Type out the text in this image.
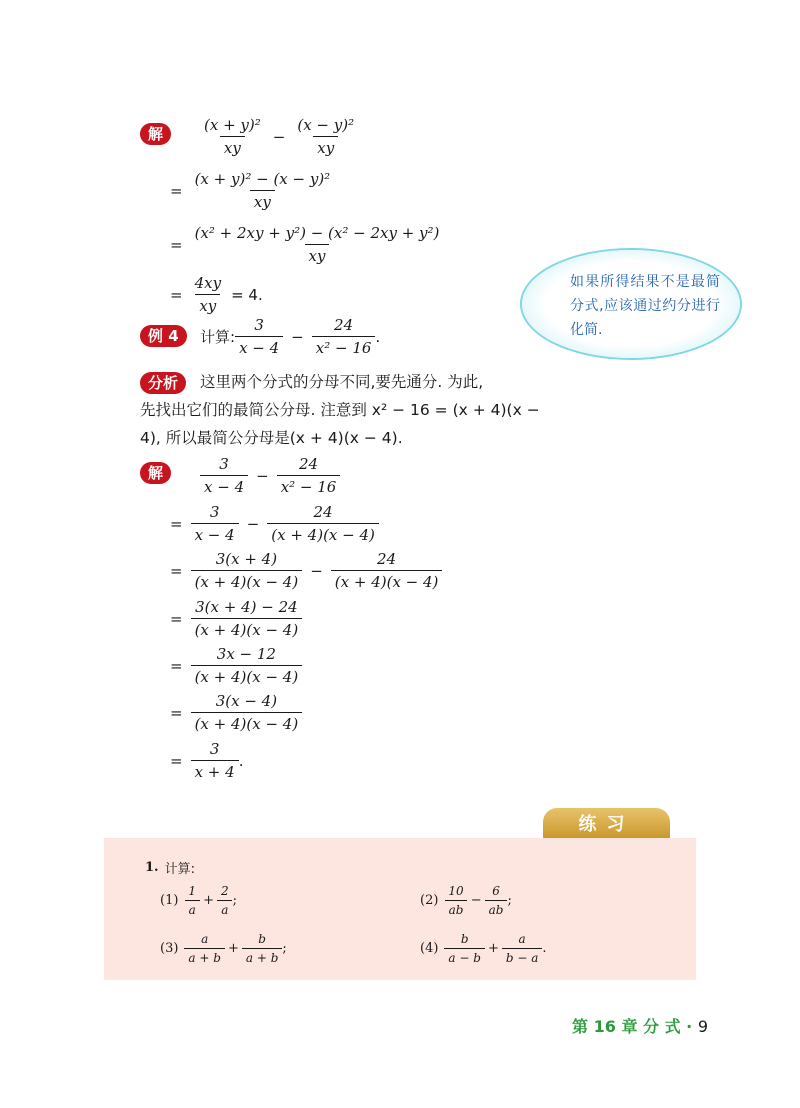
解	$\frac{\text{(x + y)²}}{xy} - \frac{\text{(x − y)²}}{xy}$
= $\frac{\text{(x + y)² − (x − y)²}}{xy}$
= $\frac{\text{(x² + 2xy + y²) − (x² − 2xy + y²)}}{xy}$
= $\frac{4xy}{xy} = 4$.
如果所得结果不是最简分式,应该通过约分进行化简.
例 4	计算: $\frac{3}{x - 4} - \frac{24}{\text{x² − 16}}$ .
分析	这里两个分式的分母不同,要先通分. 为此,
先找出它们的最简公分母. 注意到 x² − 16 = (x + 4)(x −
4), 所以最简公分母是(x + 4)(x − 4).
解	$\frac{3}{x - 4} - \frac{24}{\text{x² − 16}}$
= $\frac{3}{x - 4} - \frac{24}{(x + 4)(x - 4)}$
= $\frac{3(x + 4)}{(x + 4)(x - 4)} - \frac{24}{(x + 4)(x - 4)}$
= $\frac{3(x + 4) - 24}{(x + 4)(x - 4)}$
= $\frac{3x - 12}{(x + 4)(x - 4)}$
= $\frac{3(x - 4)}{(x + 4)(x - 4)}$
= $\frac{3}{x + 4}$ .
练习
1. 计算:
$(1) \frac{1}{a} + \frac{2}{a}$ ;	$(2) \frac{10}{ab} - \frac{6}{ab}$ ;
$(3) \frac{a}{a + b} + \frac{b}{a + b}$ ;	$(4) \frac{b}{a - b} + \frac{a}{b - a}$ .
第 16 章 分 式 · 9
